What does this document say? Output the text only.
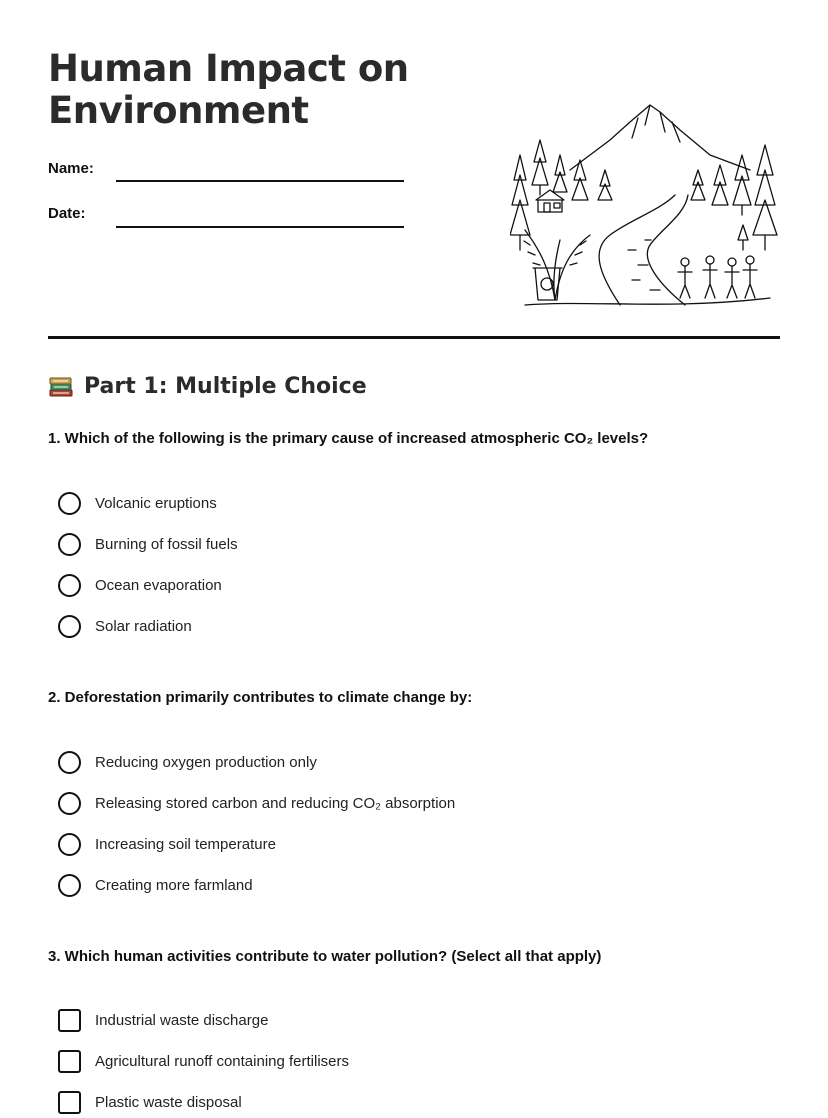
Human Impact on Environment
Name:
Date:
Part 1: Multiple Choice
1. Which of the following is the primary cause of increased atmospheric CO₂ levels?
Volcanic eruptions
Burning of fossil fuels
Ocean evaporation
Solar radiation
2. Deforestation primarily contributes to climate change by:
Reducing oxygen production only
Releasing stored carbon and reducing CO₂ absorption
Increasing soil temperature
Creating more farmland
3. Which human activities contribute to water pollution? (Select all that apply)
Industrial waste discharge
Agricultural runoff containing fertilisers
Plastic waste disposal
